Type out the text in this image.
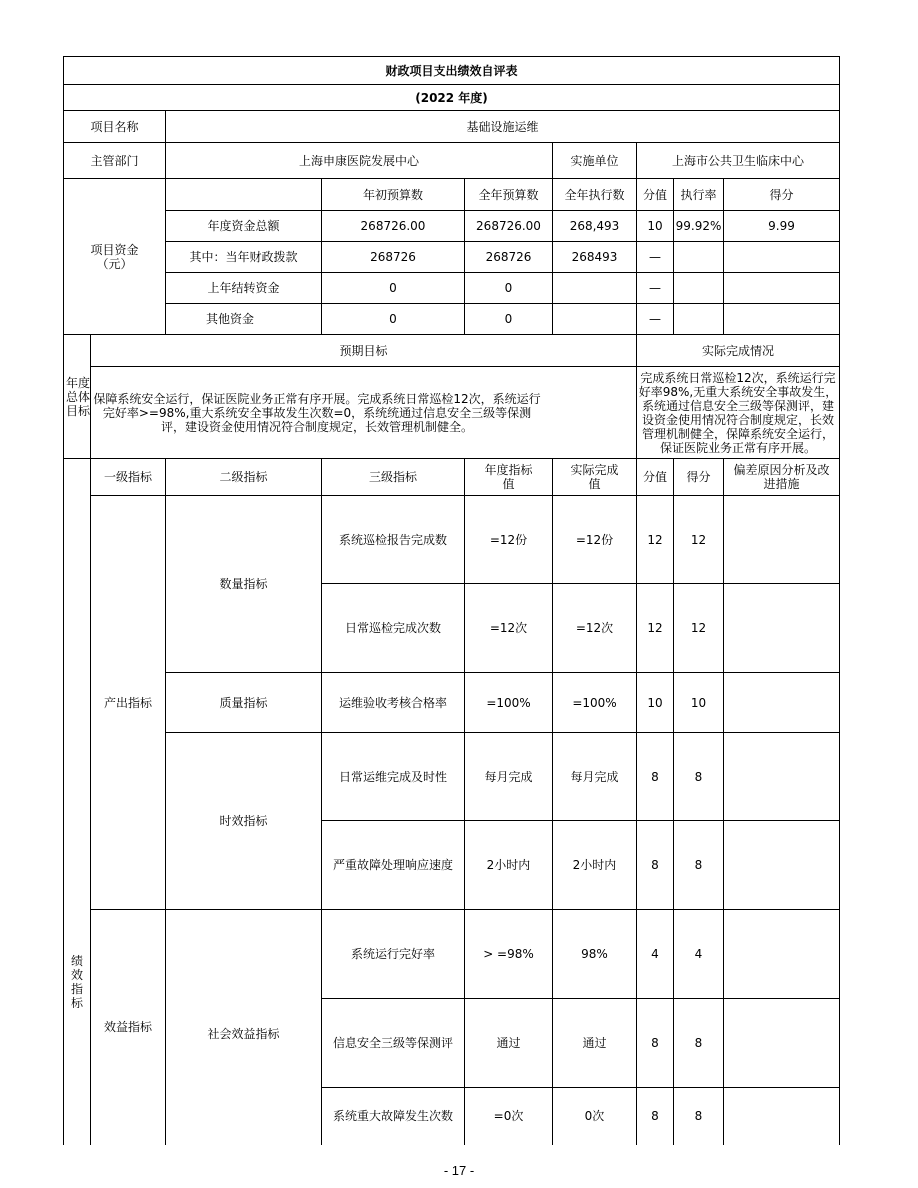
财政项目支出绩效自评表								
(2022 年度)								
项目名称		基础设施运维						
主管部门		上海申康医院发展中心			实施单位	上海市公共卫生临床中心		
项目资金（元）			年初预算数	全年预算数	全年执行数	分值	执行率	得分
		年度资金总额	268726.00	268726.00	268,493	10	99.92%	9.99
		其中：当年财政拨款	268726	268726	268493	—		
		上年结转资金	0	0		—		
		其他资金	0	0		—		
年度总体目标	预期目标					实际完成情况		

	保障系统安全运行，保证医院业务正常有序开展。完成系统日常巡检12次，系统运行完好率>=98%,重大系统安全事故发生次数=0，系统统通过信息安全三级等保测评，建设资金使用情况符合制度规定，长效管理机制健全。					完成系统日常巡检12次，系统运行完好率98%,无重大系统安全事故发生，系统通过信息安全三级等保测评，建设资金使用情况符合制度规定，长效管理机制健全，保障系统安全运行，保证医院业务正常有序开展。		
绩效指标	一级指标	二级指标	三级指标	年度指标值	实际完成值	分值	得分	偏差原因分析及改进措施
	产出指标	数量指标	系统巡检报告完成数	=12份	=12份	12	12	
			日常巡检完成次数	=12次	=12次	12	12	
		质量指标	运维验收考核合格率	=100%	=100%	10	10	
		时效指标	日常运维完成及时性	每月完成	每月完成	8	8	
			严重故障处理响应速度	2小时内	2小时内	8	8	
	效益指标	社会效益指标	系统运行完好率	> =98%	98%	4	4	
			信息安全三级等保测评	通过	通过	8	8	
			系统重大故障发生次数	=0次	0次	8	8	
- 17 -
